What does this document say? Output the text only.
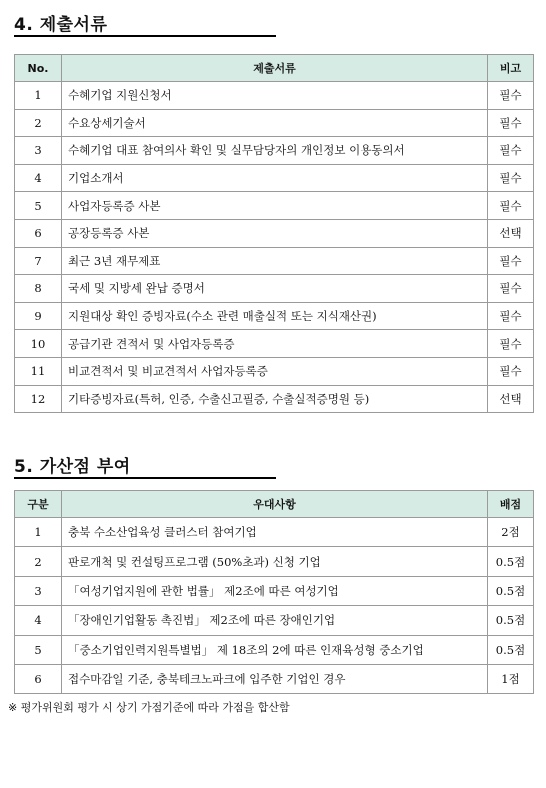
4. 제출서류
No.	제출서류	비고
1	수혜기업 지원신청서	필수
2	수요상세기술서	필수
3	수혜기업 대표 참여의사 확인 및 실무담당자의 개인정보 이용동의서	필수
4	기업소개서	필수
5	사업자등록증 사본	필수
6	공장등록증 사본	선택
7	최근 3년 재무제표	필수
8	국세 및 지방세 완납 증명서	필수
9	지원대상 확인 증빙자료(수소 관련 매출실적 또는 지식재산권)	필수
10	공급기관 견적서 및 사업자등록증	필수
11	비교견적서 및 비교견적서 사업자등록증	필수
12	기타증빙자료(특허, 인증, 수출신고필증, 수출실적증명원 등)	선택
5. 가산점 부여
구분	우대사항	배점
1	충북 수소산업육성 클러스터 참여기업	2점
2	판로개척 및 컨설팅프로그램 (50%초과) 신청 기업	0.5점
3	「여성기업지원에 관한 법률」 제2조에 따른 여성기업	0.5점
4	「장애인기업활동 촉진법」 제2조에 따른 장애인기업	0.5점
5	「중소기업인력지원특별법」 제 18조의 2에 따른 인재육성형 중소기업	0.5점
6	접수마감일 기준, 충북테크노파크에 입주한 기업인 경우	1점
※ 평가위원회 평가 시 상기 가점기준에 따라 가점을 합산함
